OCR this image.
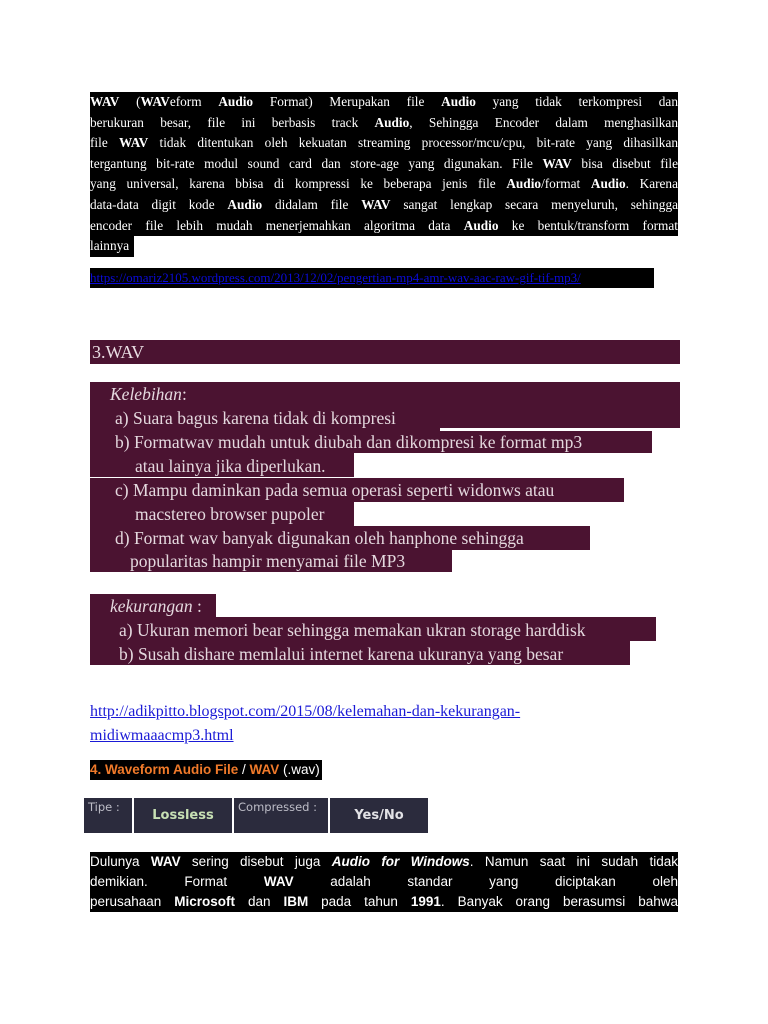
WAV (WAVeform Audio Format) Merupakan file Audio yang tidak terkompresi dan
berukuran besar, file ini berbasis track Audio, Sehingga Encoder dalam menghasilkan
file WAV tidak ditentukan oleh kekuatan streaming processor/mcu/cpu, bit-rate yang dihasilkan
tergantung bit-rate modul sound card dan store-age yang digunakan. File WAV bisa disebut file
yang universal, karena bbisa di kompressi ke beberapa jenis file Audio/format Audio. Karena
data-data digit kode Audio didalam file WAV sangat lengkap secara menyeluruh, sehingga
encoder file lebih mudah menerjemahkan algoritma data Audio ke bentuk/transform format
lainnya
https://omariz2105.wordpress.com/2013/12/02/pengertian-mp4-amr-wav-aac-raw-gif-tif-mp3/
3.WAV
Kelebihan:
a) Suara bagus karena tidak di kompresi
b) Formatwav mudah untuk diubah dan dikompresi ke format mp3
atau lainya jika diperlukan.
c) Mampu daminkan pada semua operasi seperti widonws atau
macstereo browser pupoler
d) Format wav banyak digunakan oleh hanphone sehingga
popularitas hampir menyamai file MP3
kekurangan :
a) Ukuran memori bear sehingga memakan ukran storage harddisk
b) Susah dishare memlalui internet karena ukuranya yang besar
http://adikpitto.blogspot.com/2015/08/kelemahan-dan-kekurangan-
midiwmaaacmp3.html
4. Waveform Audio File / WAV (.wav)
Tipe :
Lossless
Compressed :
Yes/No
Dulunya WAV sering disebut juga Audio for Windows. Namun saat ini sudah tidak
demikian. Format WAV adalah standar yang diciptakan oleh
perusahaan Microsoft dan IBM pada tahun 1991. Banyak orang berasumsi bahwa
